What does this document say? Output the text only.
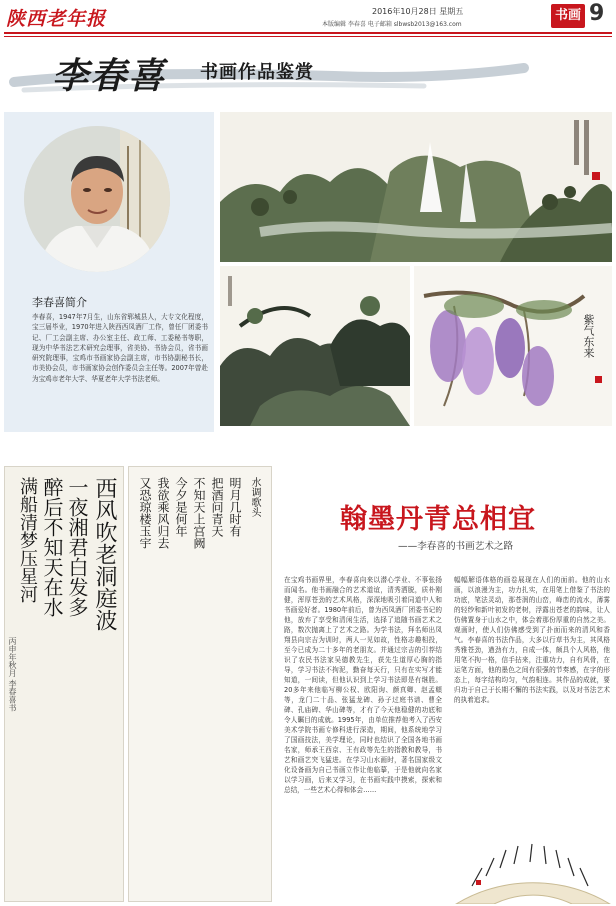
陕西老年报	2016年10月28日 星期五
本版编辑 李春喜 电子邮箱 slbwsb2013@163.com
书画 9
李春喜 书画作品鉴赏
李春喜简介
李春喜，1947年7月生，山东省郓城县人，大专文化程度，宝三届毕业，1970年进入陕西西凤酒厂工作，曾任厂团委书记、厂工会副主席、办公室主任、政工师、工委秘书等职，现为中华书法艺术研究会理事，省美协、书协会员，省书画研究院理事，宝鸡市书画家协会副主席，市书协副秘书长，市美协会员，市书画家协会创作委员会主任等。2007年曾赴为宝鸡市老年大学、华夏老年大学书法老师。
紫气东来
西风吹老洞庭波
一夜湘君白发多
醉后不知天在水
满船清梦压星河
丙申年秋月 李春喜书
水调歌头
明月几时有
把酒问青天
不知天上宫阙
今夕是何年
我欲乘风归去
又恐琼楼玉宇	翰墨丹青总相宜
——李春喜的书画艺术之路
在宝鸡书画界里，李春喜向来以潜心学业、不事张扬而闻名。他书画融合的艺术道谊，清秀洒脱，质朴刚健，浑厚苍劲的艺术风格，深深地吸引着同道中人和书画爱好者。1980年前后，曾为西凤酒厂团委书记的他，放弃了享受和清闲生活，选择了追随书画艺术之路，数次抛离上了艺术之路。为学书法，拜名师出凤翔县向宗吉为训时，两人一见如故，性格志趣相投，至今已成为二十多年的老朋友。并通过宗吉的引荐结识了农民书法家吴德教先生，获先生道厚心胸的指导，学习书法不拘泥，勤奋每天行，只有在实写才能知道，一间读，但他认识到上学习书法即是有继胜。20多年来他临写柳公权、欧阳询、颜真卿、赵孟頫等，龙门二十品、张猛龙碑、孙子过庭书谱、曹全碑、孔庙碑、华山碑等，才有了今天他稳健的功底和令人瞩目的成就。1995年，由单位推荐他考入了西安美术学院书画专修科进行深造，期间，他系统地学习了国画技法，美学理论，同时也结识了全国各地书画名家，师承王西京、王有政等先生的指教和教导，书艺和画艺突飞猛进。在学习山水画时，著名国家级文化设备画为自己书画立作让他临摹，于是他就向名家以学习画，后来又学习，在书画实践中摸索，探索和总结，一些艺术心得和体会……
幅幅解语体格的画卷展现在人们的面前。他的山水画，以浪漫为主，功力扎实，在用笔上借鉴了书法的功底，笔法灵动，那苍润的山峦，峰峦的流水，薄雾的轻纱和新叶初发的老树，浮露出苍老的韵味，让人仿佛置身于山水之中，体会着那份厚重的自然之美。观画时，使人们仿佛感受到了扑面而来的清风和香气。李春喜的书法作品，大多以行草书为主，其风格秀雅苍劲，遒劲有力，自成一体，颇具个人风格，他用笔不拘一格，信手拈来，注重功力，自有风骨，在运笔方面，他的墨色之间有很强的节奏感，在字的形态上，每字结构均匀，气韵相连。其作品的成就，要归功于自己于长期不懈的书法实践，以及对书法艺术的执着追求。
